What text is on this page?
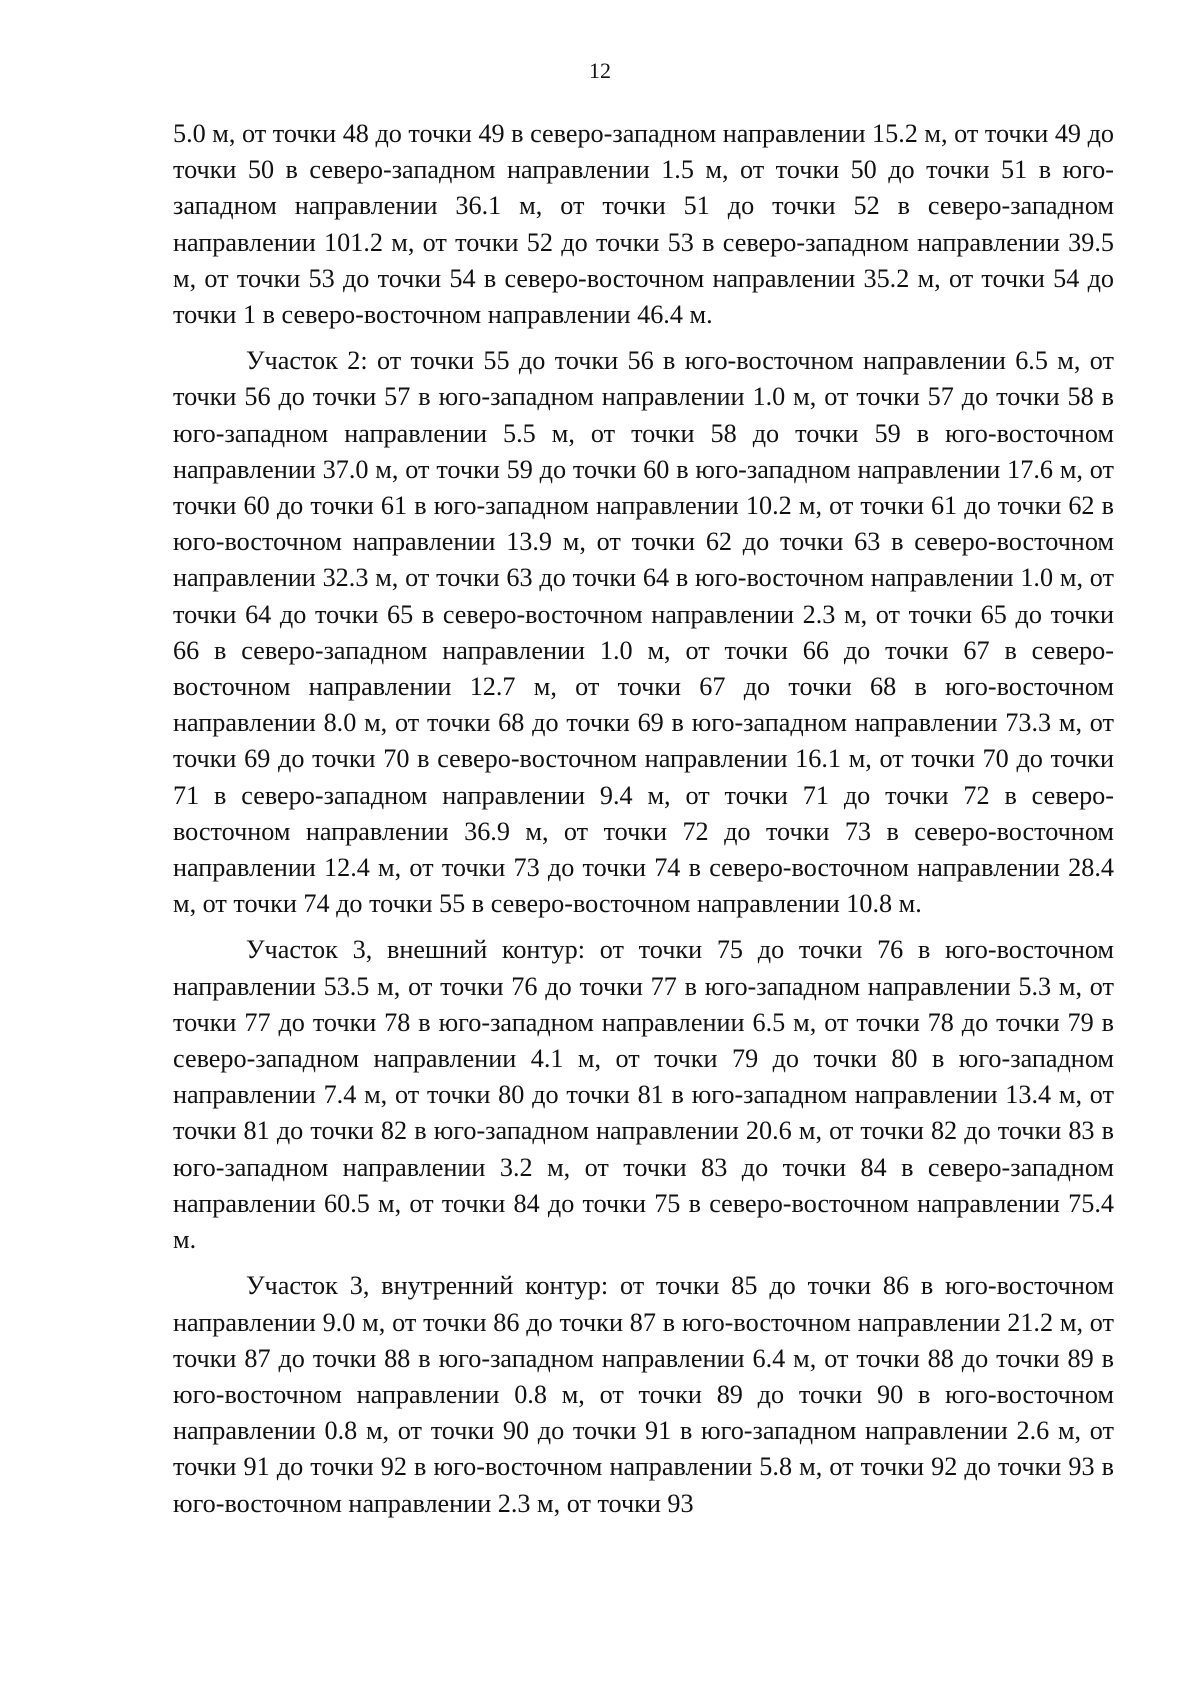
12

5.0 м, от точки 48 до точки 49 в северо-западном направлении 15.2 м, от точки 49 до точки 50 в северо-западном направлении 1.5 м, от точки 50 до точки 51 в юго-западном направлении 36.1 м, от точки 51 до точки 52 в северо-западном направлении 101.2 м, от точки 52 до точки 53 в северо-западном направлении 39.5 м, от точки 53 до точки 54 в северо-восточном направлении 35.2 м, от точки 54 до точки 1 в северо-восточном направлении 46.4 м.

Участок 2: от точки 55 до точки 56 в юго-восточном направлении 6.5 м, от точки 56 до точки 57 в юго-западном направлении 1.0 м, от точки 57 до точки 58 в юго-западном направлении 5.5 м, от точки 58 до точки 59 в юго-восточном направлении 37.0 м, от точки 59 до точки 60 в юго-западном направлении 17.6 м, от точки 60 до точки 61 в юго-западном направлении 10.2 м, от точки 61 до точки 62 в юго-восточном направлении 13.9 м, от точки 62 до точки 63 в северо-восточном направлении 32.3 м, от точки 63 до точки 64 в юго-восточном направлении 1.0 м, от точки 64 до точки 65 в северо-восточном направлении 2.3 м, от точки 65 до точки 66 в северо-западном направлении 1.0 м, от точки 66 до точки 67 в северо-восточном направлении 12.7 м, от точки 67 до точки 68 в юго-восточном направлении 8.0 м, от точки 68 до точки 69 в юго-западном направлении 73.3 м, от точки 69 до точки 70 в северо-восточном направлении 16.1 м, от точки 70 до точки 71 в северо-западном направлении 9.4 м, от точки 71 до точки 72 в северо-восточном направлении 36.9 м, от точки 72 до точки 73 в северо-восточном направлении 12.4 м, от точки 73 до точки 74 в северо-восточном направлении 28.4 м, от точки 74 до точки 55 в северо-восточном направлении 10.8 м.

Участок 3, внешний контур: от точки 75 до точки 76 в юго-восточном направлении 53.5 м, от точки 76 до точки 77 в юго-западном направлении 5.3 м, от точки 77 до точки 78 в юго-западном направлении 6.5 м, от точки 78 до точки 79 в северо-западном направлении 4.1 м, от точки 79 до точки 80 в юго-западном направлении 7.4 м, от точки 80 до точки 81 в юго-западном направлении 13.4 м, от точки 81 до точки 82 в юго-западном направлении 20.6 м, от точки 82 до точки 83 в юго-западном направлении 3.2 м, от точки 83 до точки 84 в северо-западном направлении 60.5 м, от точки 84 до точки 75 в северо-восточном направлении 75.4 м.

Участок 3, внутренний контур: от точки 85 до точки 86 в юго-восточном направлении 9.0 м, от точки 86 до точки 87 в юго-восточном направлении 21.2 м, от точки 87 до точки 88 в юго-западном направлении 6.4 м, от точки 88 до точки 89 в юго-восточном направлении 0.8 м, от точки 89 до точки 90 в юго-восточном направлении 0.8 м, от точки 90 до точки 91 в юго-западном направлении 2.6 м, от точки 91 до точки 92 в юго-восточном направлении 5.8 м, от точки 92 до точки 93 в юго-восточном направлении 2.3 м, от точки 93
